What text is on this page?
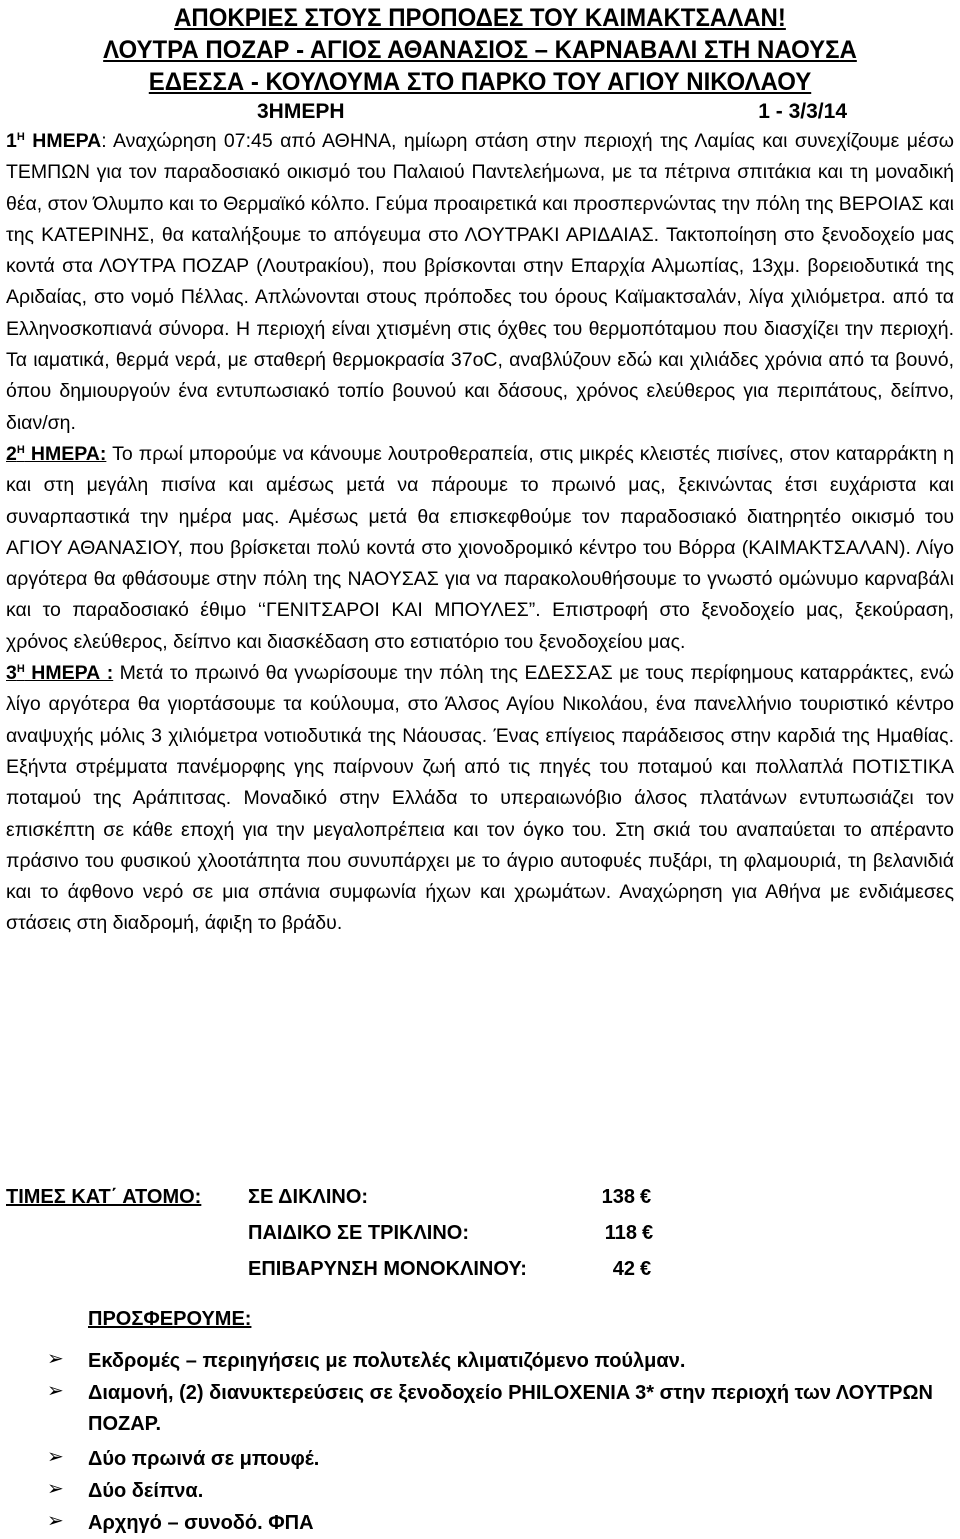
ΑΠΟΚΡΙΕΣ ΣΤΟΥΣ ΠΡΟΠΟΔΕΣ ΤΟΥ ΚΑΙΜΑΚΤΣΑΛΑΝ!
ΛΟΥΤΡΑ ΠΟΖΑΡ - ΑΓΙΟΣ ΑΘΑΝΑΣΙΟΣ – ΚΑΡΝΑΒΑΛΙ ΣΤΗ ΝΑΟΥΣΑ
ΕΔΕΣΣΑ - ΚΟΥΛΟΥΜΑ ΣΤΟ ΠΑΡΚΟ ΤΟΥ ΑΓΙΟΥ ΝΙΚΟΛΑΟΥ
3ΗΜΕΡΗ	1 - 3/3/14

$1^H$ ΗΜΕΡΑ: Αναχώρηση 07:45 από ΑΘΗΝΑ, ημίωρη στάση στην περιοχή της Λαμίας και συνεχίζουμε μέσω ΤΕΜΠΩΝ για τον παραδοσιακό οικισμό του Παλαιού Παντελεήμωνα, με τα πέτρινα σπιτάκια και τη μοναδική θέα, στον Όλυμπο και το Θερμαϊκό κόλπο. Γεύμα προαιρετικά και προσπερνώντας την πόλη της ΒΕΡΟΙΑΣ και της ΚΑΤΕΡΙΝΗΣ, θα καταλήξουμε το απόγευμα στο ΛΟΥΤΡΑΚΙ ΑΡΙΔΑΙΑΣ. Τακτοποίηση στο ξενοδοχείο μας κοντά στα ΛΟΥΤΡΑ ΠΟΖΑΡ (Λουτρακίου), που βρίσκονται στην Επαρχία Αλμωπίας, 13χμ. βορειοδυτικά της Αριδαίας, στο νομό Πέλλας. Απλώνονται στους πρόποδες του όρους Καϊμακτσαλάν, λίγα χιλιόμετρα. από τα Ελληνοσκοπιανά σύνορα. Η περιοχή είναι χτισμένη στις όχθες του θερμοπόταμου που διασχίζει την περιοχή. Τα ιαματικά, θερμά νερά, με σταθερή θερμοκρασία 37oC, αναβλύζουν εδώ και χιλιάδες χρόνια από τα βουνό, όπου δημιουργούν ένα εντυπωσιακό τοπίο βουνού και δάσους, χρόνος ελεύθερος για περιπάτους, δείπνο, διαν/ση.

$2^H$ ΗΜΕΡΑ: Το πρωί μπορούμε να κάνουμε λουτροθεραπεία, στις μικρές κλειστές πισίνες, στον καταρράκτη η και στη μεγάλη πισίνα και αμέσως μετά να πάρουμε το πρωινό μας, ξεκινώντας έτσι ευχάριστα και συναρπαστικά την ημέρα μας. Αμέσως μετά θα επισκεφθούμε τον παραδοσιακό διατηρητέο οικισμό του ΑΓΙΟΥ ΑΘΑΝΑΣΙΟΥ, που βρίσκεται πολύ κοντά στο χιονοδρομικό κέντρο του Βόρρα (ΚΑΙΜΑΚΤΣΑΛΑΝ). Λίγο αργότερα θα φθάσουμε στην πόλη της ΝΑΟΥΣΑΣ για να παρακολουθήσουμε το γνωστό ομώνυμο καρναβάλι και το παραδοσιακό έθιμο ‘‘ΓΕΝΙΤΣΑΡΟΙ ΚΑΙ ΜΠΟΥΛΕΣ”. Επιστροφή στο ξενοδοχείο μας, ξεκούραση, χρόνος ελεύθερος, δείπνο και διασκέδαση στο εστιατόριο του ξενοδοχείου μας.

$3^H$ ΗΜΕΡΑ : Μετά το πρωινό θα γνωρίσουμε την πόλη της ΕΔΕΣΣΑΣ με τους περίφημους καταρράκτες, ενώ λίγο αργότερα θα γιορτάσουμε τα κούλουμα, στο Άλσος Αγίου Νικολάου, ένα πανελλήνιο τουριστικό κέντρο αναψυχής μόλις 3 χιλιόμετρα νοτιοδυτικά της Νάουσας. Ένας επίγειος παράδεισος στην καρδιά της Ημαθίας. Εξήντα στρέμματα πανέμορφης γης παίρνουν ζωή από τις πηγές του ποταμού και πολλαπλά ΠΟΤΙΣΤΙΚΑ ποταμού της Αράπιτσας. Μοναδικό στην Ελλάδα το υπεραιωνόβιο άλσος πλατάνων εντυπωσιάζει τον επισκέπτη σε κάθε εποχή για την μεγαλοπρέπεια και τον όγκο του. Στη σκιά του αναπαύεται το απέραντο πράσινο του φυσικού χλοοτάπητα που συνυπάρχει με το άγριο αυτοφυές πυξάρι, τη φλαμουριά, τη βελανιδιά και το άφθονο νερό σε μια σπάνια συμφωνία ήχων και χρωμάτων. Αναχώρηση για Αθήνα με ενδιάμεσες στάσεις στη διαδρομή, άφιξη το βράδυ.

ΤΙΜΕΣ ΚΑΤ΄ ΑΤΟΜΟ: ΣΕ ΔΙΚΛΙΝΟ:	138 €
ΠΑΙΔΙΚΟ ΣΕ ΤΡΙΚΛΙΝΟ:	118 €
ΕΠΙΒΑΡΥΝΣΗ ΜΟΝΟΚΛΙΝΟΥ:	42 €
ΠΡΟΣΦΕΡΟΥΜΕ:
➢ Εκδρομές – περιηγήσεις με πολυτελές κλιματιζόμενο πούλμαν.
➢ Διαμονή, (2) διανυκτερεύσεις σε ξενοδοχείο PHILOXENIA 3* στην περιοχή των ΛΟΥΤΡΩΝ ΠΟΖΑΡ.
➢ Δύο πρωινά σε μπουφέ.
➢ Δύο δείπνα.
➢ Αρχηγό – συνοδό. ΦΠΑ
